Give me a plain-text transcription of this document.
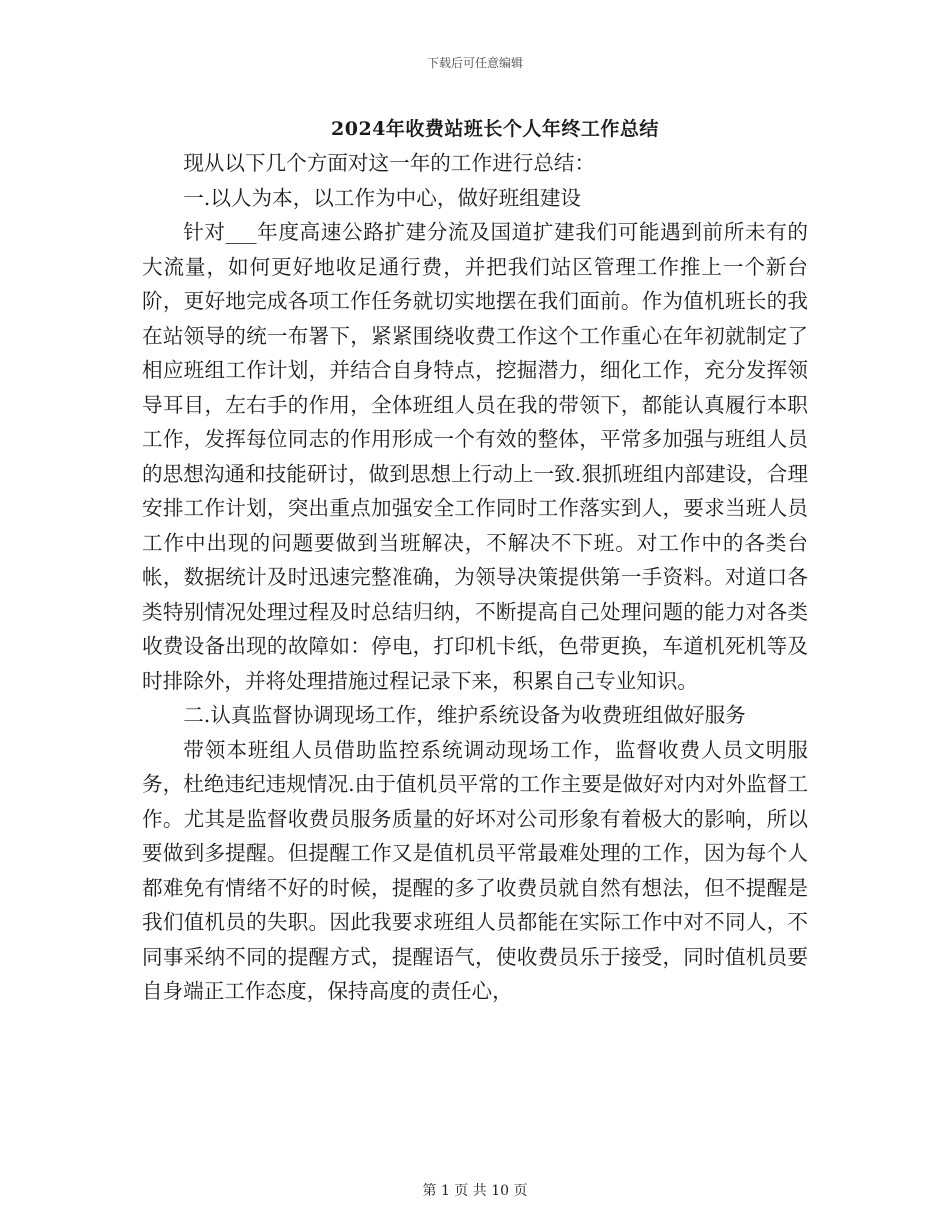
下载后可任意编辑
2024年收费站班长个人年终工作总结

现从以下几个方面对这一年的工作进行总结：

一.以人为本，以工作为中心，做好班组建设

针对___年度高速公路扩建分流及国道扩建我们可能遇到前所未有的大流量，如何更好地收足通行费，并把我们站区管理工作推上一个新台阶，更好地完成各项工作任务就切实地摆在我们面前。作为值机班长的我在站领导的统一布署下，紧紧围绕收费工作这个工作重心在年初就制定了相应班组工作计划，并结合自身特点，挖掘潜力，细化工作，充分发挥领导耳目，左右手的作用，全体班组人员在我的带领下，都能认真履行本职工作，发挥每位同志的作用形成一个有效的整体，平常多加强与班组人员的思想沟通和技能研讨，做到思想上行动上一致.狠抓班组内部建设，合理安排工作计划，突出重点加强安全工作同时工作落实到人，要求当班人员工作中出现的问题要做到当班解决，不解决不下班。对工作中的各类台帐，数据统计及时迅速完整准确，为领导决策提供第一手资料。对道口各类特别情况处理过程及时总结归纳，不断提高自己处理问题的能力对各类收费设备出现的故障如：停电，打印机卡纸，色带更换，车道机死机等及时排除外，并将处理措施过程记录下来，积累自己专业知识。

二.认真监督协调现场工作，维护系统设备为收费班组做好服务

带领本班组人员借助监控系统调动现场工作，监督收费人员文明服务，杜绝违纪违规情况.由于值机员平常的工作主要是做好对内对外监督工作。尤其是监督收费员服务质量的好坏对公司形象有着极大的影响，所以要做到多提醒。但提醒工作又是值机员平常最难处理的工作，因为每个人都难免有情绪不好的时候，提醒的多了收费员就自然有想法，但不提醒是我们值机员的失职。因此我要求班组人员都能在实际工作中对不同人，不同事采纳不同的提醒方式，提醒语气，使收费员乐于接受，同时值机员要自身端正工作态度，保持高度的责任心，

第 1 页 共 10 页
